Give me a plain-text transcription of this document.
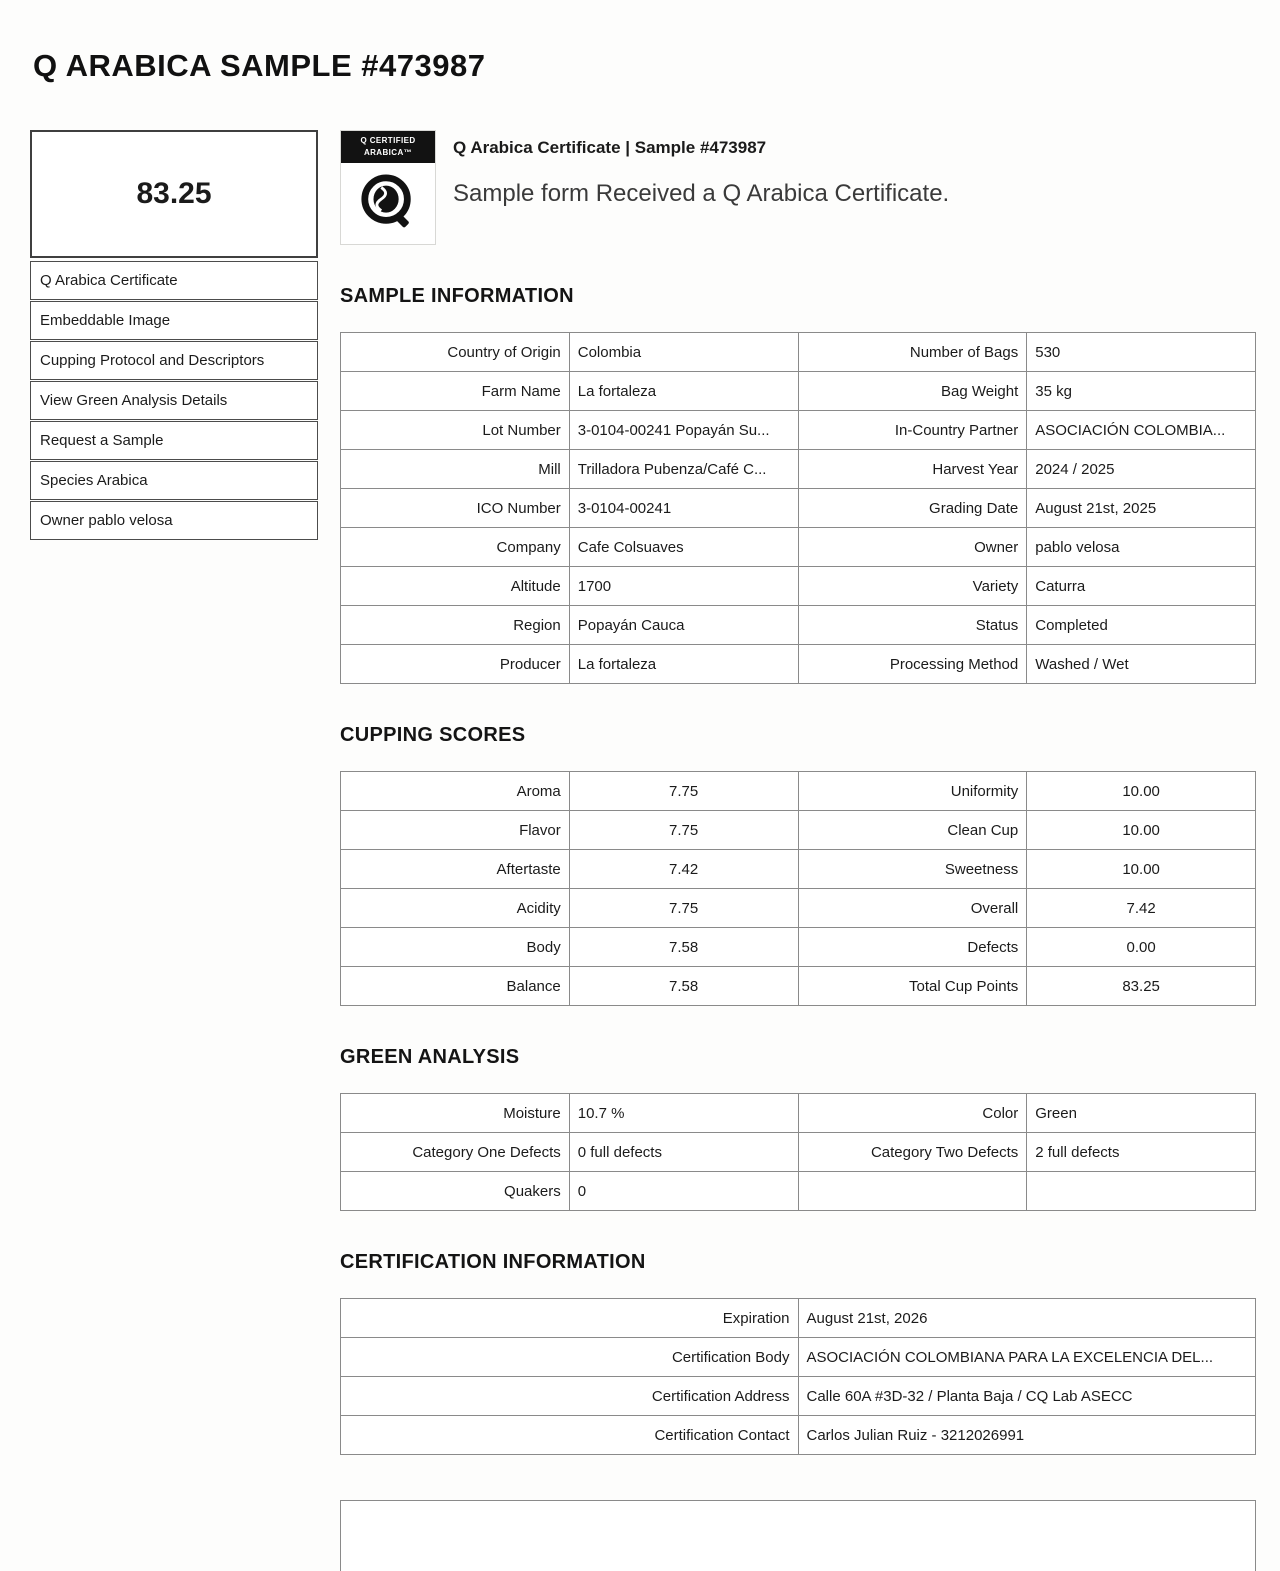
Q ARABICA SAMPLE #473987
83.25
Q Arabica Certificate
Embeddable Image
Cupping Protocol and Descriptors
View Green Analysis Details
Request a Sample
Species Arabica
Owner pablo velosa
Q CERTIFIED
ARABICA™	Q Arabica Certificate | Sample #473987
Sample form Received a Q Arabica Certificate.
SAMPLE INFORMATION
Country of Origin	Colombia	Number of Bags	530
Farm Name	La fortaleza	Bag Weight	35 kg
Lot Number	3-0104-00241 Popayán Su...	In-Country Partner	ASOCIACIÓN COLOMBIA...
Mill	Trilladora Pubenza/Café C...	Harvest Year	2024 / 2025
ICO Number	3-0104-00241	Grading Date	August 21st, 2025
Company	Cafe Colsuaves	Owner	pablo velosa
Altitude	1700	Variety	Caturra
Region	Popayán Cauca	Status	Completed
Producer	La fortaleza	Processing Method	Washed / Wet
CUPPING SCORES
Aroma	7.75	Uniformity	10.00
Flavor	7.75	Clean Cup	10.00
Aftertaste	7.42	Sweetness	10.00
Acidity	7.75	Overall	7.42
Body	7.58	Defects	0.00
Balance	7.58	Total Cup Points	83.25
GREEN ANALYSIS
Moisture	10.7 %	Color	Green
Category One Defects	0 full defects	Category Two Defects	2 full defects
Quakers	0		
CERTIFICATION INFORMATION
Expiration	August 21st, 2026
Certification Body	ASOCIACIÓN COLOMBIANA PARA LA EXCELENCIA DEL...
Certification Address	Calle 60A #3D-32 / Planta Baja / CQ Lab ASECC
Certification Contact	Carlos Julian Ruiz - 3212026991
